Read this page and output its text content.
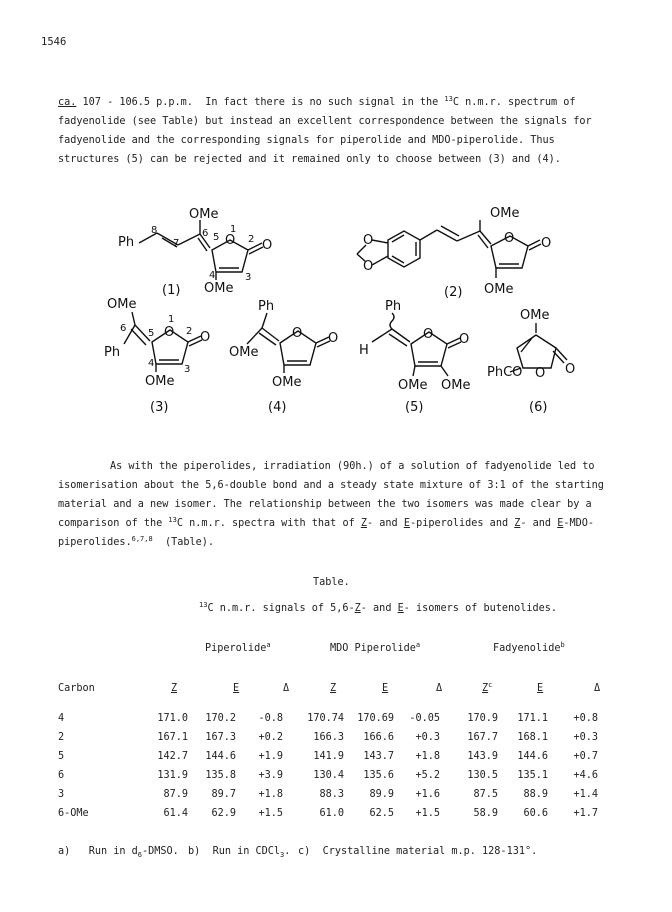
1546
ca. 107 - 106.5 p.p.m.  In fact there is no such signal in the $^{13}$C n.m.r. spectrum of
fadyenolide (see Table) but instead an excellent correspondence between the signals for
fadyenolide and the corresponding signals for piperolide and MDO-piperolide. Thus
structures (5) can be rejected and it remained only to choose between (3) and (4).
Ph
OMe
8
7
6 5 O
1
2 O
3
4
OMe
(1)
O
O
OMe
O O
OMe
(2)
OMe
6
Ph
5 O
1
2 O
3
4
OMe
(3)
Ph
OMe
O O
OMe
(4)
Ph
H
O O
OMe OMe
(5)
OMe
O O
PhCO
(6)
As with the piperolides, irradiation (90h.) of a solution of fadyenolide led to
isomerisation about the 5,6-double bond and a steady state mixture of 3:1 of the starting
material and a new isomer. The relationship between the two isomers was made clear by a
comparison of the $^{13}$C n.m.r. spectra with that of Z- and E-piperolides and Z- and E-MDO-
piperolides.$^{6,7,8}$  (Table).
Table.
$^{13}$C n.m.r. signals of 5,6-Z- and E- isomers of butenolides.
Piperolide$^a$	MDO Piperolide$^a$	Fadyenolide$^b$
Carbon	Z	E	Δ	Z	E	Δ	$Z^c$	E	Δ
4	171.0 170.2 -0.8 170.74 170.69 -0.05	170.9 171.1 +0.8
2	167.1 167.3 +0.2	166.3 166.6 +0.3	167.7 168.1 +0.3
5	142.7 144.6 +1.9	141.9 143.7 +1.8	143.9 144.6 +0.7
6	131.9 135.8 +3.9	130.4 135.6 +5.2	130.5 135.1 +4.6
3	87.9 89.7 +1.8	88.3 89.9 +1.6	87.5 88.9 +1.4
6-OMe	61.4 62.9 +1.5	61.0 62.5 +1.5	58.9 60.6 +1.7
a) Run in $d_6$-DMSO. b) Run in CDCl$_3$. c) Crystalline material m.p. 128-131°.
